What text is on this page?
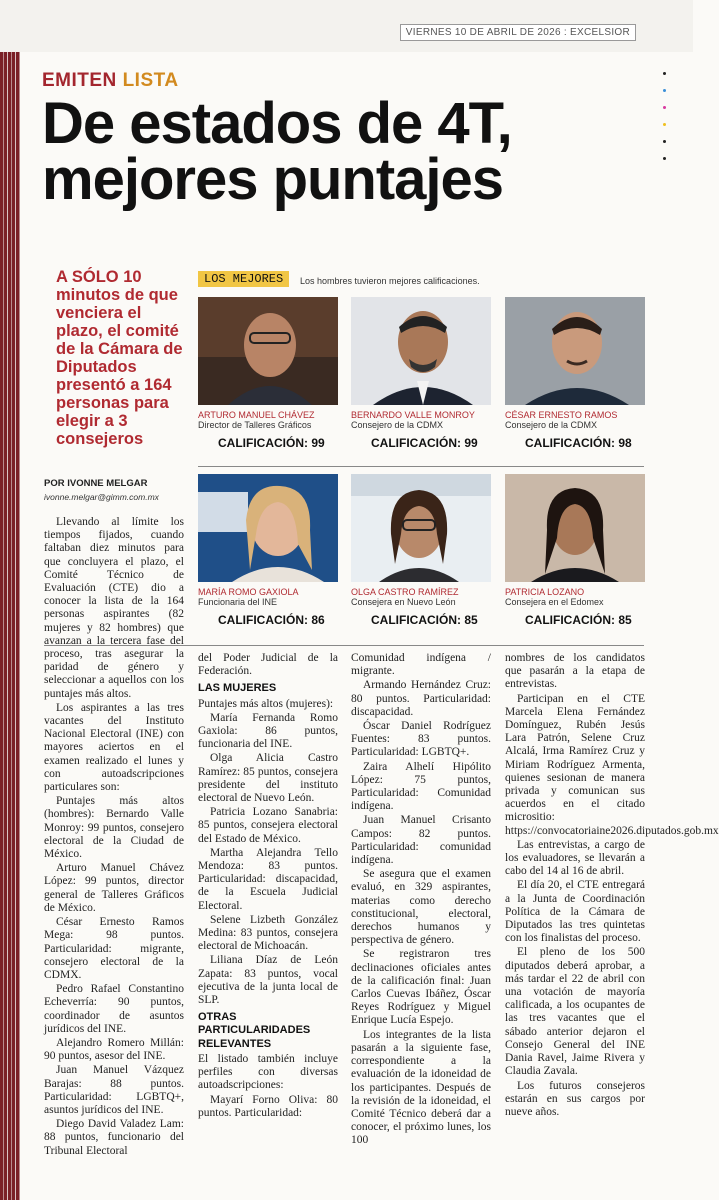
VIERNES 10 DE ABRIL DE 2026 : EXCELSIOR
EMITEN LISTA
De estados de 4T,
mejores puntajes
A SÓLO 10 minutos de que venciera el plazo, el comité de la Cámara de Diputados presentó a 164 personas para elegir a 3 consejeros
LOS MEJORES	Los hombres tuvieron mejores calificaciones.
ARTURO MANUEL CHÁVEZ
Director de Talleres Gráficos
CALIFICACIÓN: 99
BERNARDO VALLE MONROY
Consejero de la CDMX
CALIFICACIÓN: 99
CÉSAR ERNESTO RAMOS
Consejero de la CDMX
CALIFICACIÓN: 98
MARÍA ROMO GAXIOLA
Funcionaria del INE
CALIFICACIÓN: 86
OLGA CASTRO RAMÍREZ
Consejera en Nuevo León
CALIFICACIÓN: 85
PATRICIA LOZANO
Consejera en el Edomex
CALIFICACIÓN: 85
POR IVONNE MELGAR
ivonne.melgar@gimm.com.mx

Llevando al límite los tiempos fijados, cuando faltaban diez minutos para que concluyera el plazo, el Comité Técnico de Evaluación (CTE) dio a conocer la lista de la 164 personas aspirantes (82 mujeres y 82 hombres) que avanzan a la tercera fase del proceso, tras asegurar la paridad de género y seleccionar a aquellos con los puntajes más altos.

Los aspirantes a las tres vacantes del Instituto Nacional Electoral (INE) con mayores aciertos en el examen realizado el lunes y con autoadscripciones particulares son:

Puntajes más altos (hombres): Bernardo Valle Monroy: 99 puntos, consejero electoral de la Ciudad de México.

Arturo Manuel Chávez López: 99 puntos, director general de Talleres Gráficos de México.

César Ernesto Ramos Mega: 98 puntos. Particularidad: migrante, consejero electoral de la CDMX.

Pedro Rafael Constantino Echeverría: 90 puntos, coordinador de asuntos jurídicos del INE.

Alejandro Romero Millán: 90 puntos, asesor del INE.

Juan Manuel Vázquez Barajas: 88 puntos. Particularidad: LGBTQ+, asuntos jurídicos del INE.

Diego David Valadez Lam: 88 puntos, funcionario del Tribunal Electoral

del Poder Judicial de la Federación.

LAS MUJERES

Puntajes más altos (mujeres):

María Fernanda Romo Gaxiola: 86 puntos, funcionaria del INE.

Olga Alicia Castro Ramírez: 85 puntos, consejera presidente del instituto electoral de Nuevo León.

Patricia Lozano Sanabria: 85 puntos, consejera electoral del Estado de México.

Martha Alejandra Tello Mendoza: 83 puntos. Particularidad: discapacidad, de la Escuela Judicial Electoral.

Selene Lizbeth González Medina: 83 puntos, consejera electoral de Michoacán.

Liliana Díaz de León Zapata: 83 puntos, vocal ejecutiva de la junta local de SLP.

OTRAS PARTICULARIDADES RELEVANTES

El listado también incluye perfiles con diversas autoadscripciones:

Mayarí Forno Oliva: 80 puntos. Particularidad:

Comunidad indígena / migrante.

Armando Hernández Cruz: 80 puntos. Particularidad: discapacidad.

Óscar Daniel Rodríguez Fuentes: 83 puntos. Particularidad: LGBTQ+.

Zaira Alhelí Hipólito López: 75 puntos, Particularidad: Comunidad indígena.

Juan Manuel Crisanto Campos: 82 puntos. Particularidad: comunidad indígena.

Se asegura que el examen evaluó, en 329 aspirantes, materias como derecho constitucional, electoral, derechos humanos y perspectiva de género.

Se registraron tres declinaciones oficiales antes de la calificación final: Juan Carlos Cuevas Ibáñez, Óscar Reyes Rodríguez y Miguel Enrique Lucía Espejo.

Los integrantes de la lista pasarán a la siguiente fase, correspondiente a la evaluación de la idoneidad de los participantes. Después de la revisión de la idoneidad, el Comité Técnico deberá dar a conocer, el próximo lunes, los 100

nombres de los candidatos que pasarán a la etapa de entrevistas.

Participan en el CTE Marcela Elena Fernández Domínguez, Rubén Jesús Lara Patrón, Selene Cruz Alcalá, Irma Ramírez Cruz y Miriam Rodríguez Armenta, quienes sesionan de manera privada y comunican sus acuerdos en el citado micrositio: https://convocatoriaine2026.diputados.gob.mx

Las entrevistas, a cargo de los evaluadores, se llevarán a cabo del 14 al 16 de abril.

El día 20, el CTE entregará a la Junta de Coordinación Política de la Cámara de Diputados las tres quintetas con los finalistas del proceso.

El pleno de los 500 diputados deberá aprobar, a más tardar el 22 de abril con una votación de mayoría calificada, a los ocupantes de las tres vacantes que el sábado anterior dejaron el Consejo General del INE Dania Ravel, Jaime Rivera y Claudia Zavala.

Los futuros consejeros estarán en sus cargos por nueve años.
